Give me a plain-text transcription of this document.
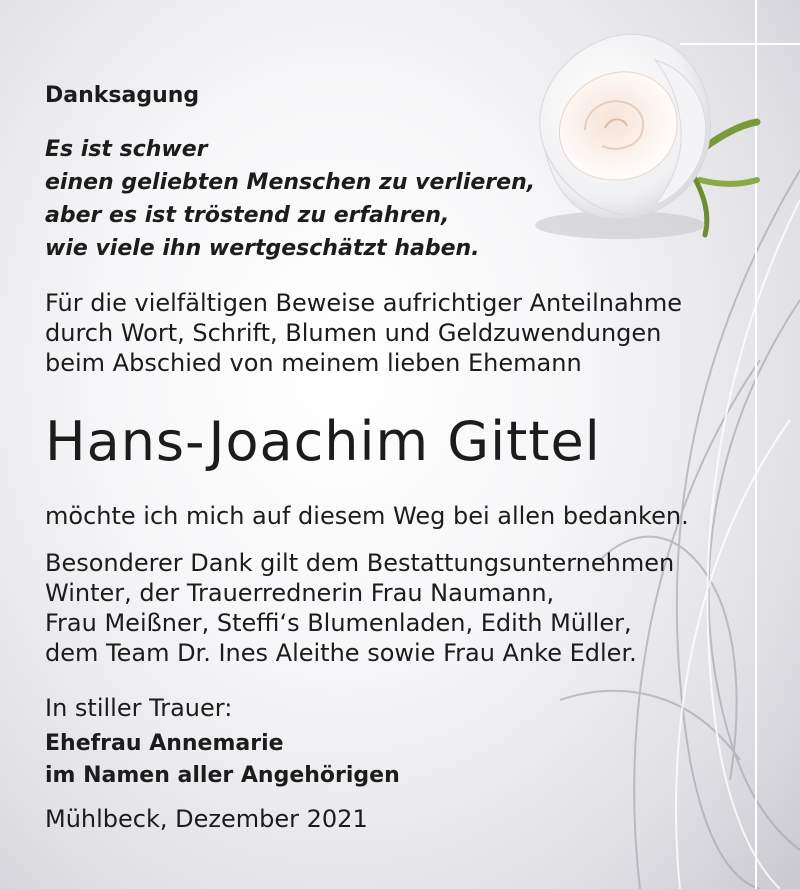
Danksagung
Es ist schwer
einen geliebten Menschen zu verlieren,
aber es ist tröstend zu erfahren,
wie viele ihn wertgeschätzt haben.
Für die vielfältigen Beweise aufrichtiger Anteilnahme
durch Wort, Schrift, Blumen und Geldzuwendungen
beim Abschied von meinem lieben Ehemann
Hans-Joachim Gittel

möchte ich mich auf diesem Weg bei allen bedanken.

Besonderer Dank gilt dem Bestattungsunternehmen
Winter, der Trauerrednerin Frau Naumann,
Frau Meißner, Steffi‘s Blumenladen, Edith Müller,
dem Team Dr. Ines Aleithe sowie Frau Anke Edler.

In stiller Trauer:

Ehefrau Annemarie
im Namen aller Angehörigen

Mühlbeck, Dezember 2021
